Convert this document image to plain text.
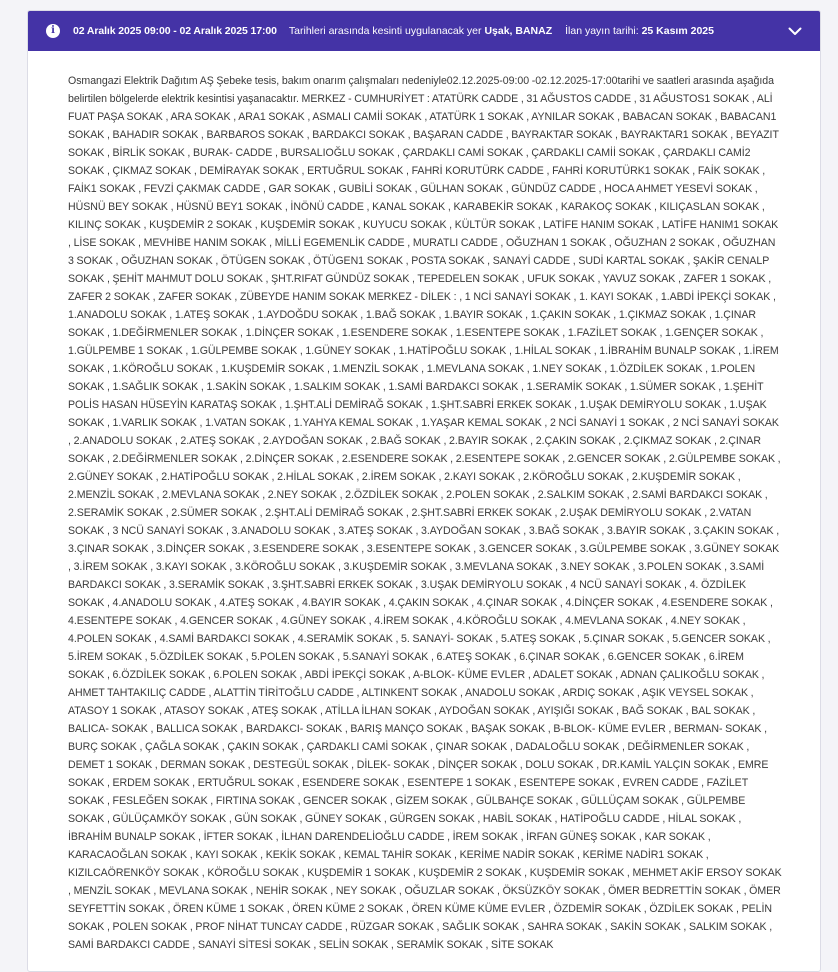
i	02 Aralık 2025 09:00 - 02 Aralık 2025 17:00 Tarihleri arasında kesinti uygulanacak yer Uşak, BANAZ İlan yayın tarihi: 25 Kasım 2025
Osmangazi Elektrik Dağıtım AŞ Şebeke tesis, bakım onarım çalışmaları nedeniyle02.12.2025-09:00 -02.12.2025-17:00tarihi ve saatleri arasında aşağıda belirtilen bölgelerde elektrik kesintisi yaşanacaktır. MERKEZ - CUMHURİYET : ATATÜRK CADDE , 31 AĞUSTOS CADDE , 31 AĞUSTOS1 SOKAK , ALİ FUAT PAŞA SOKAK , ARA SOKAK , ARA1 SOKAK , ASMALI CAMİİ SOKAK , ATATÜRK 1 SOKAK , AYNILAR SOKAK , BABACAN SOKAK , BABACAN1 SOKAK , BAHADIR SOKAK , BARBAROS SOKAK , BARDAKCI SOKAK , BAŞARAN CADDE , BAYRAKTAR SOKAK , BAYRAKTAR1 SOKAK , BEYAZIT SOKAK , BİRLİK SOKAK , BURAK- CADDE , BURSALIOĞLU SOKAK , ÇARDAKLI CAMİ SOKAK , ÇARDAKLI CAMİİ SOKAK , ÇARDAKLI CAMİ2 SOKAK , ÇIKMAZ SOKAK , DEMİRAYAK SOKAK , ERTUĞRUL SOKAK , FAHRİ KORUTÜRK CADDE , FAHRİ KORUTÜRK1 SOKAK , FAİK SOKAK , FAİK1 SOKAK , FEVZİ ÇAKMAK CADDE , GAR SOKAK , GUBİLİ SOKAK , GÜLHAN SOKAK , GÜNDÜZ CADDE , HOCA AHMET YESEVİ SOKAK , HÜSNÜ BEY SOKAK , HÜSNÜ BEY1 SOKAK , İNÖNÜ CADDE , KANAL SOKAK , KARABEKİR SOKAK , KARAKOÇ SOKAK , KILIÇASLAN SOKAK , KILINÇ SOKAK , KUŞDEMİR 2 SOKAK , KUŞDEMİR SOKAK , KUYUCU SOKAK , KÜLTÜR SOKAK , LATİFE HANIM SOKAK , LATİFE HANIM1 SOKAK , LİSE SOKAK , MEVHİBE HANIM SOKAK , MİLLİ EGEMENLİK CADDE , MURATLI CADDE , OĞUZHAN 1 SOKAK , OĞUZHAN 2 SOKAK , OĞUZHAN 3 SOKAK , OĞUZHAN SOKAK , ÖTÜGEN SOKAK , ÖTÜGEN1 SOKAK , POSTA SOKAK , SANAYİ CADDE , SUDİ KARTAL SOKAK , ŞAKİR CENALP SOKAK , ŞEHİT MAHMUT DOLU SOKAK , ŞHT.RIFAT GÜNDÜZ SOKAK , TEPEDELEN SOKAK , UFUK SOKAK , YAVUZ SOKAK , ZAFER 1 SOKAK , ZAFER 2 SOKAK , ZAFER SOKAK , ZÜBEYDE HANIM SOKAK MERKEZ - DİLEK : , 1 NCİ SANAYİ SOKAK , 1. KAYI SOKAK , 1.ABDİ İPEKÇİ SOKAK , 1.ANADOLU SOKAK , 1.ATEŞ SOKAK , 1.AYDOĞDU SOKAK , 1.BAĞ SOKAK , 1.BAYIR SOKAK , 1.ÇAKIN SOKAK , 1.ÇIKMAZ SOKAK , 1.ÇINAR SOKAK , 1.DEĞİRMENLER SOKAK , 1.DİNÇER SOKAK , 1.ESENDERE SOKAK , 1.ESENTEPE SOKAK , 1.FAZİLET SOKAK , 1.GENÇER SOKAK , 1.GÜLPEMBE 1 SOKAK , 1.GÜLPEMBE SOKAK , 1.GÜNEY SOKAK , 1.HATİPOĞLU SOKAK , 1.HİLAL SOKAK , 1.İBRAHİM BUNALP SOKAK , 1.İREM SOKAK , 1.KÖROĞLU SOKAK , 1.KUŞDEMİR SOKAK , 1.MENZİL SOKAK , 1.MEVLANA SOKAK , 1.NEY SOKAK , 1.ÖZDİLEK SOKAK , 1.POLEN SOKAK , 1.SAĞLIK SOKAK , 1.SAKİN SOKAK , 1.SALKIM SOKAK , 1.SAMİ BARDAKCI SOKAK , 1.SERAMİK SOKAK , 1.SÜMER SOKAK , 1.ŞEHİT POLİS HASAN HÜSEYİN KARATAŞ SOKAK , 1.ŞHT.ALİ DEMİRAĞ SOKAK , 1.ŞHT.SABRİ ERKEK SOKAK , 1.UŞAK DEMİRYOLU SOKAK , 1.UŞAK SOKAK , 1.VARLIK SOKAK , 1.VATAN SOKAK , 1.YAHYA KEMAL SOKAK , 1.YAŞAR KEMAL SOKAK , 2 NCİ SANAYİ 1 SOKAK , 2 NCİ SANAYİ SOKAK , 2.ANADOLU SOKAK , 2.ATEŞ SOKAK , 2.AYDOĞAN SOKAK , 2.BAĞ SOKAK , 2.BAYIR SOKAK , 2.ÇAKIN SOKAK , 2.ÇIKMAZ SOKAK , 2.ÇINAR SOKAK , 2.DEĞİRMENLER SOKAK , 2.DİNÇER SOKAK , 2.ESENDERE SOKAK , 2.ESENTEPE SOKAK , 2.GENCER SOKAK , 2.GÜLPEMBE SOKAK , 2.GÜNEY SOKAK , 2.HATİPOĞLU SOKAK , 2.HİLAL SOKAK , 2.İREM SOKAK , 2.KAYI SOKAK , 2.KÖROĞLU SOKAK , 2.KUŞDEMİR SOKAK , 2.MENZİL SOKAK , 2.MEVLANA SOKAK , 2.NEY SOKAK , 2.ÖZDİLEK SOKAK , 2.POLEN SOKAK , 2.SALKIM SOKAK , 2.SAMİ BARDAKCI SOKAK , 2.SERAMİK SOKAK , 2.SÜMER SOKAK , 2.ŞHT.ALİ DEMİRAĞ SOKAK , 2.ŞHT.SABRİ ERKEK SOKAK , 2.UŞAK DEMİRYOLU SOKAK , 2.VATAN SOKAK , 3 NCÜ SANAYİ SOKAK , 3.ANADOLU SOKAK , 3.ATEŞ SOKAK , 3.AYDOĞAN SOKAK , 3.BAĞ SOKAK , 3.BAYIR SOKAK , 3.ÇAKIN SOKAK , 3.ÇINAR SOKAK , 3.DİNÇER SOKAK , 3.ESENDERE SOKAK , 3.ESENTEPE SOKAK , 3.GENCER SOKAK , 3.GÜLPEMBE SOKAK , 3.GÜNEY SOKAK , 3.İREM SOKAK , 3.KAYI SOKAK , 3.KÖROĞLU SOKAK , 3.KUŞDEMİR SOKAK , 3.MEVLANA SOKAK , 3.NEY SOKAK , 3.POLEN SOKAK , 3.SAMİ BARDAKCI SOKAK , 3.SERAMİK SOKAK , 3.ŞHT.SABRİ ERKEK SOKAK , 3.UŞAK DEMİRYOLU SOKAK , 4 NCÜ SANAYİ SOKAK , 4. ÖZDİLEK SOKAK , 4.ANADOLU SOKAK , 4.ATEŞ SOKAK , 4.BAYIR SOKAK , 4.ÇAKIN SOKAK , 4.ÇINAR SOKAK , 4.DİNÇER SOKAK , 4.ESENDERE SOKAK , 4.ESENTEPE SOKAK , 4.GENCER SOKAK , 4.GÜNEY SOKAK , 4.İREM SOKAK , 4.KÖROĞLU SOKAK , 4.MEVLANA SOKAK , 4.NEY SOKAK , 4.POLEN SOKAK , 4.SAMİ BARDAKCI SOKAK , 4.SERAMİK SOKAK , 5. SANAYİ- SOKAK , 5.ATEŞ SOKAK , 5.ÇINAR SOKAK , 5.GENCER SOKAK , 5.İREM SOKAK , 5.ÖZDİLEK SOKAK , 5.POLEN SOKAK , 5.SANAYİ SOKAK , 6.ATEŞ SOKAK , 6.ÇINAR SOKAK , 6.GENCER SOKAK , 6.İREM SOKAK , 6.ÖZDİLEK SOKAK , 6.POLEN SOKAK , ABDİ İPEKÇİ SOKAK , A-BLOK- KÜME EVLER , ADALET SOKAK , ADNAN ÇALIKOĞLU SOKAK , AHMET TAHTAKILIÇ CADDE , ALATTİN TİRİTOĞLU CADDE , ALTINKENT SOKAK , ANADOLU SOKAK , ARDIÇ SOKAK , AŞIK VEYSEL SOKAK , ATASOY 1 SOKAK , ATASOY SOKAK , ATEŞ SOKAK , ATİLLA İLHAN SOKAK , AYDOĞAN SOKAK , AYIŞIĞI SOKAK , BAĞ SOKAK , BAL SOKAK , BALICA- SOKAK , BALLICA SOKAK , BARDAKCI- SOKAK , BARIŞ MANÇO SOKAK , BAŞAK SOKAK , B-BLOK- KÜME EVLER , BERMAN- SOKAK , BURÇ SOKAK , ÇAĞLA SOKAK , ÇAKIN SOKAK , ÇARDAKLI CAMİ SOKAK , ÇINAR SOKAK , DADALOĞLU SOKAK , DEĞİRMENLER SOKAK , DEMET 1 SOKAK , DERMAN SOKAK , DESTEGÜL SOKAK , DİLEK- SOKAK , DİNÇER SOKAK , DOLU SOKAK , DR.KAMİL YALÇIN SOKAK , EMRE SOKAK , ERDEM SOKAK , ERTUĞRUL SOKAK , ESENDERE SOKAK , ESENTEPE 1 SOKAK , ESENTEPE SOKAK , EVREN CADDE , FAZİLET SOKAK , FESLEĞEN SOKAK , FIRTINA SOKAK , GENCER SOKAK , GİZEM SOKAK , GÜLBAHÇE SOKAK , GÜLLÜÇAM SOKAK , GÜLPEMBE SOKAK , GÜLÜÇAMKÖY SOKAK , GÜN SOKAK , GÜNEY SOKAK , GÜRGEN SOKAK , HABİL SOKAK , HATİPOĞLU CADDE , HİLAL SOKAK , İBRAHİM BUNALP SOKAK , İFTER SOKAK , İLHAN DARENDELİOĞLU CADDE , İREM SOKAK , İRFAN GÜNEŞ SOKAK , KAR SOKAK , KARACAOĞLAN SOKAK , KAYI SOKAK , KEKİK SOKAK , KEMAL TAHİR SOKAK , KERİME NADİR SOKAK , KERİME NADİR1 SOKAK , KIZILCAÖRENKÖY SOKAK , KÖROĞLU SOKAK , KUŞDEMİR 1 SOKAK , KUŞDEMİR 2 SOKAK , KUŞDEMİR SOKAK , MEHMET AKİF ERSOY SOKAK , MENZİL SOKAK , MEVLANA SOKAK , NEHİR SOKAK , NEY SOKAK , OĞUZLAR SOKAK , ÖKSÜZKÖY SOKAK , ÖMER BEDRETTİN SOKAK , ÖMER SEYFETTİN SOKAK , ÖREN KÜME 1 SOKAK , ÖREN KÜME 2 SOKAK , ÖREN KÜME KÜME EVLER , ÖZDEMİR SOKAK , ÖZDİLEK SOKAK , PELİN SOKAK , POLEN SOKAK , PROF NİHAT TUNCAY CADDE , RÜZGAR SOKAK , SAĞLIK SOKAK , SAHRA SOKAK , SAKİN SOKAK , SALKIM SOKAK , SAMİ BARDAKCI CADDE , SANAYİ SİTESİ SOKAK , SELİN SOKAK , SERAMİK SOKAK , SİTE SOKAK
